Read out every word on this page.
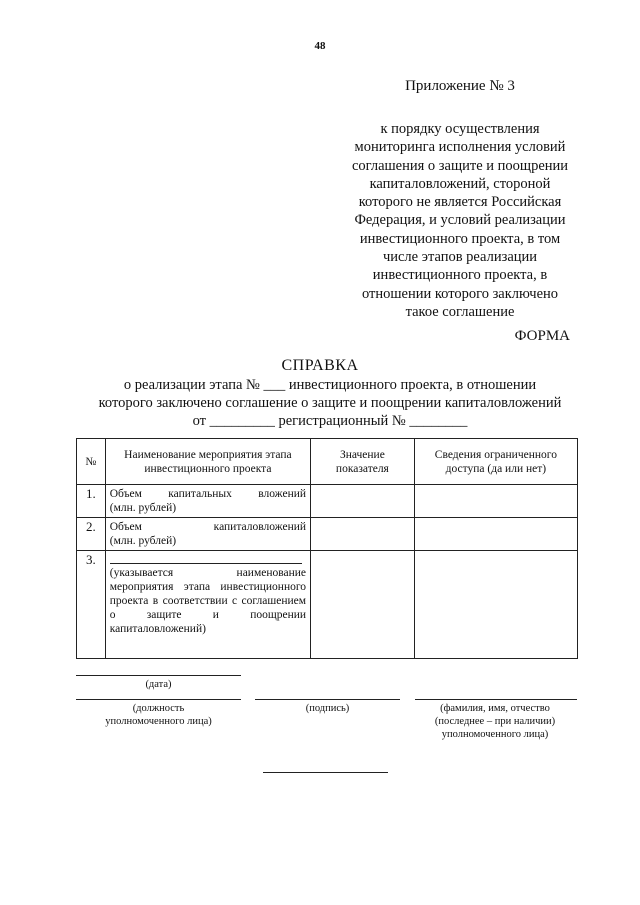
48
Приложение № 3
к порядку осуществления
мониторинга исполнения условий
соглашения о защите и поощрении
капиталовложений, стороной
которого не является Российская
Федерация, и условий реализации
инвестиционного проекта, в том
числе этапов реализации
инвестиционного проекта, в
отношении которого заключено
такое соглашение
ФОРМА
СПРАВКА
о реализации этапа № ___ инвестиционного проекта, в отношении
которого заключено соглашение о защите и поощрении капиталовложений
от _________ регистрационный № ________
№	Наименование мероприятия этапа инвестиционного проекта	Значение показателя	Сведения ограниченного доступа (да или нет)
1.	Объем капитальных вложений
(млн. рублей)		

2.	Объем капиталовложений
(млн. рублей)		

3.	(указывается наименование мероприятия этапа инвестиционного проекта в соответствии с соглашением о защите и поощрении капиталовложений)		

(дата)
(должность
уполномоченного лица)
(подпись)	(фамилия, имя, отчество
(последнее – при наличии)
уполномоченного лица)
